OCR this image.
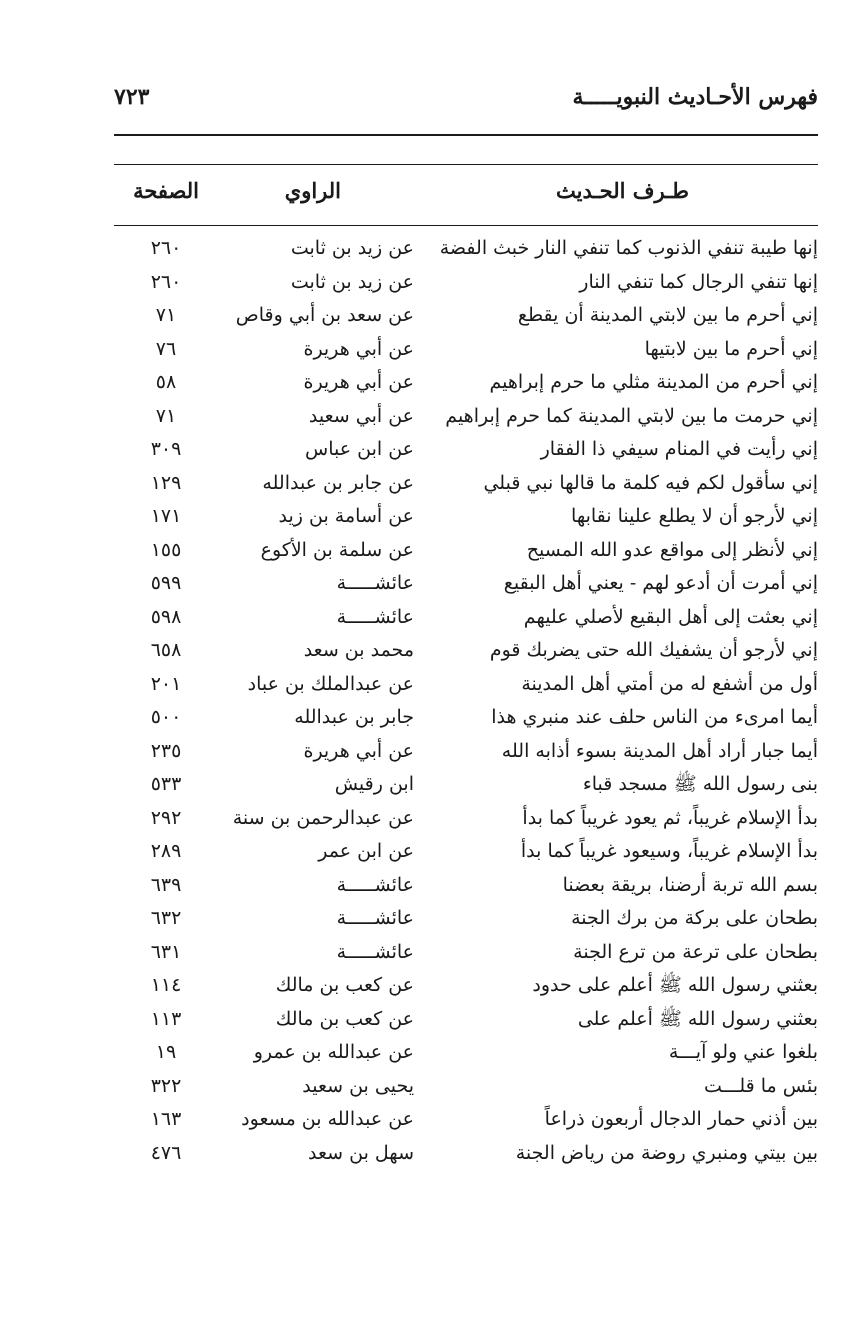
فهرس الأحـاديث النبويـــــة
٧٢٣
طـرف الحـديث
الراوي
الصفحة
إنها طيبة تنفي الذنوب كما تنفي النار خبث الفضة
عن زيد بن ثابت
٢٦٠
إنها تنفي الرجال كما تنفي النار
عن زيد بن ثابت
٢٦٠
إني أحرم ما بين لابتي المدينة أن يقطع
عن سعد بن أبي وقاص
٧١
إني أحرم ما بين لابتيها
عن أبي هريرة
٧٦
إني أحرم من المدينة مثلي ما حرم إبراهيم
عن أبي هريرة
٥٨
إني حرمت ما بين لابتي المدينة كما حرم إبراهيم
عن أبي سعيد
٧١
إني رأيت في المنام سيفي ذا الفقار
عن ابن عباس
٣٠٩
إني سأقول لكم فيه كلمة ما قالها نبي قبلي
عن جابر بن عبدالله
١٢٩
إني لأرجو أن لا يطلع علينا نقابها
عن أسامة بن زيد
١٧١
إني لأنظر إلى مواقع عدو الله المسيح
عن سلمة بن الأكوع
١٥٥
إني أمرت أن أدعو لهم - يعني أهل البقيع
عائشـــــة
٥٩٩
إني بعثت إلى أهل البقيع لأصلي عليهم
عائشـــــة
٥٩٨
إني لأرجو أن يشفيك الله حتى يضربك قوم
محمد بن سعد
٦٥٨
أول من أشفع له من أمتي أهل المدينة
عن عبدالملك بن عباد
٢٠١
أيما امرىء من الناس حلف عند منبري هذا
جابر بن عبدالله
٥٠٠
أيما جبار أراد أهل المدينة بسوء أذابه الله
عن أبي هريرة
٢٣٥
بنى رسول الله ﷺ مسجد قباء
ابن رقيش
٥٣٣
بدأ الإسلام غريباً، ثم يعود غريباً كما بدأ
عن عبدالرحمن بن سنة
٢٩٢
بدأ الإسلام غريباً، وسيعود غريباً كما بدأ
عن ابن عمر
٢٨٩
بسم الله تربة أرضنا، بريقة بعضنا
عائشـــــة
٦٣٩
بطحان على بركة من برك الجنة
عائشـــــة
٦٣٢
بطحان على ترعة من ترع الجنة
عائشـــــة
٦٣١
بعثني رسول الله ﷺ أعلم على حدود
عن كعب بن مالك
١١٤
بعثني رسول الله ﷺ أعلم على
عن كعب بن مالك
١١٣
بلغوا عني ولو آيـــة
عن عبدالله بن عمرو
١٩
بئس ما قلـــت
يحيى بن سعيد
٣٢٢
بين أذني حمار الدجال أربعون ذراعاً
عن عبدالله بن مسعود
١٦٣
بين بيتي ومنبري روضة من رياض الجنة
سهل بن سعد
٤٧٦
